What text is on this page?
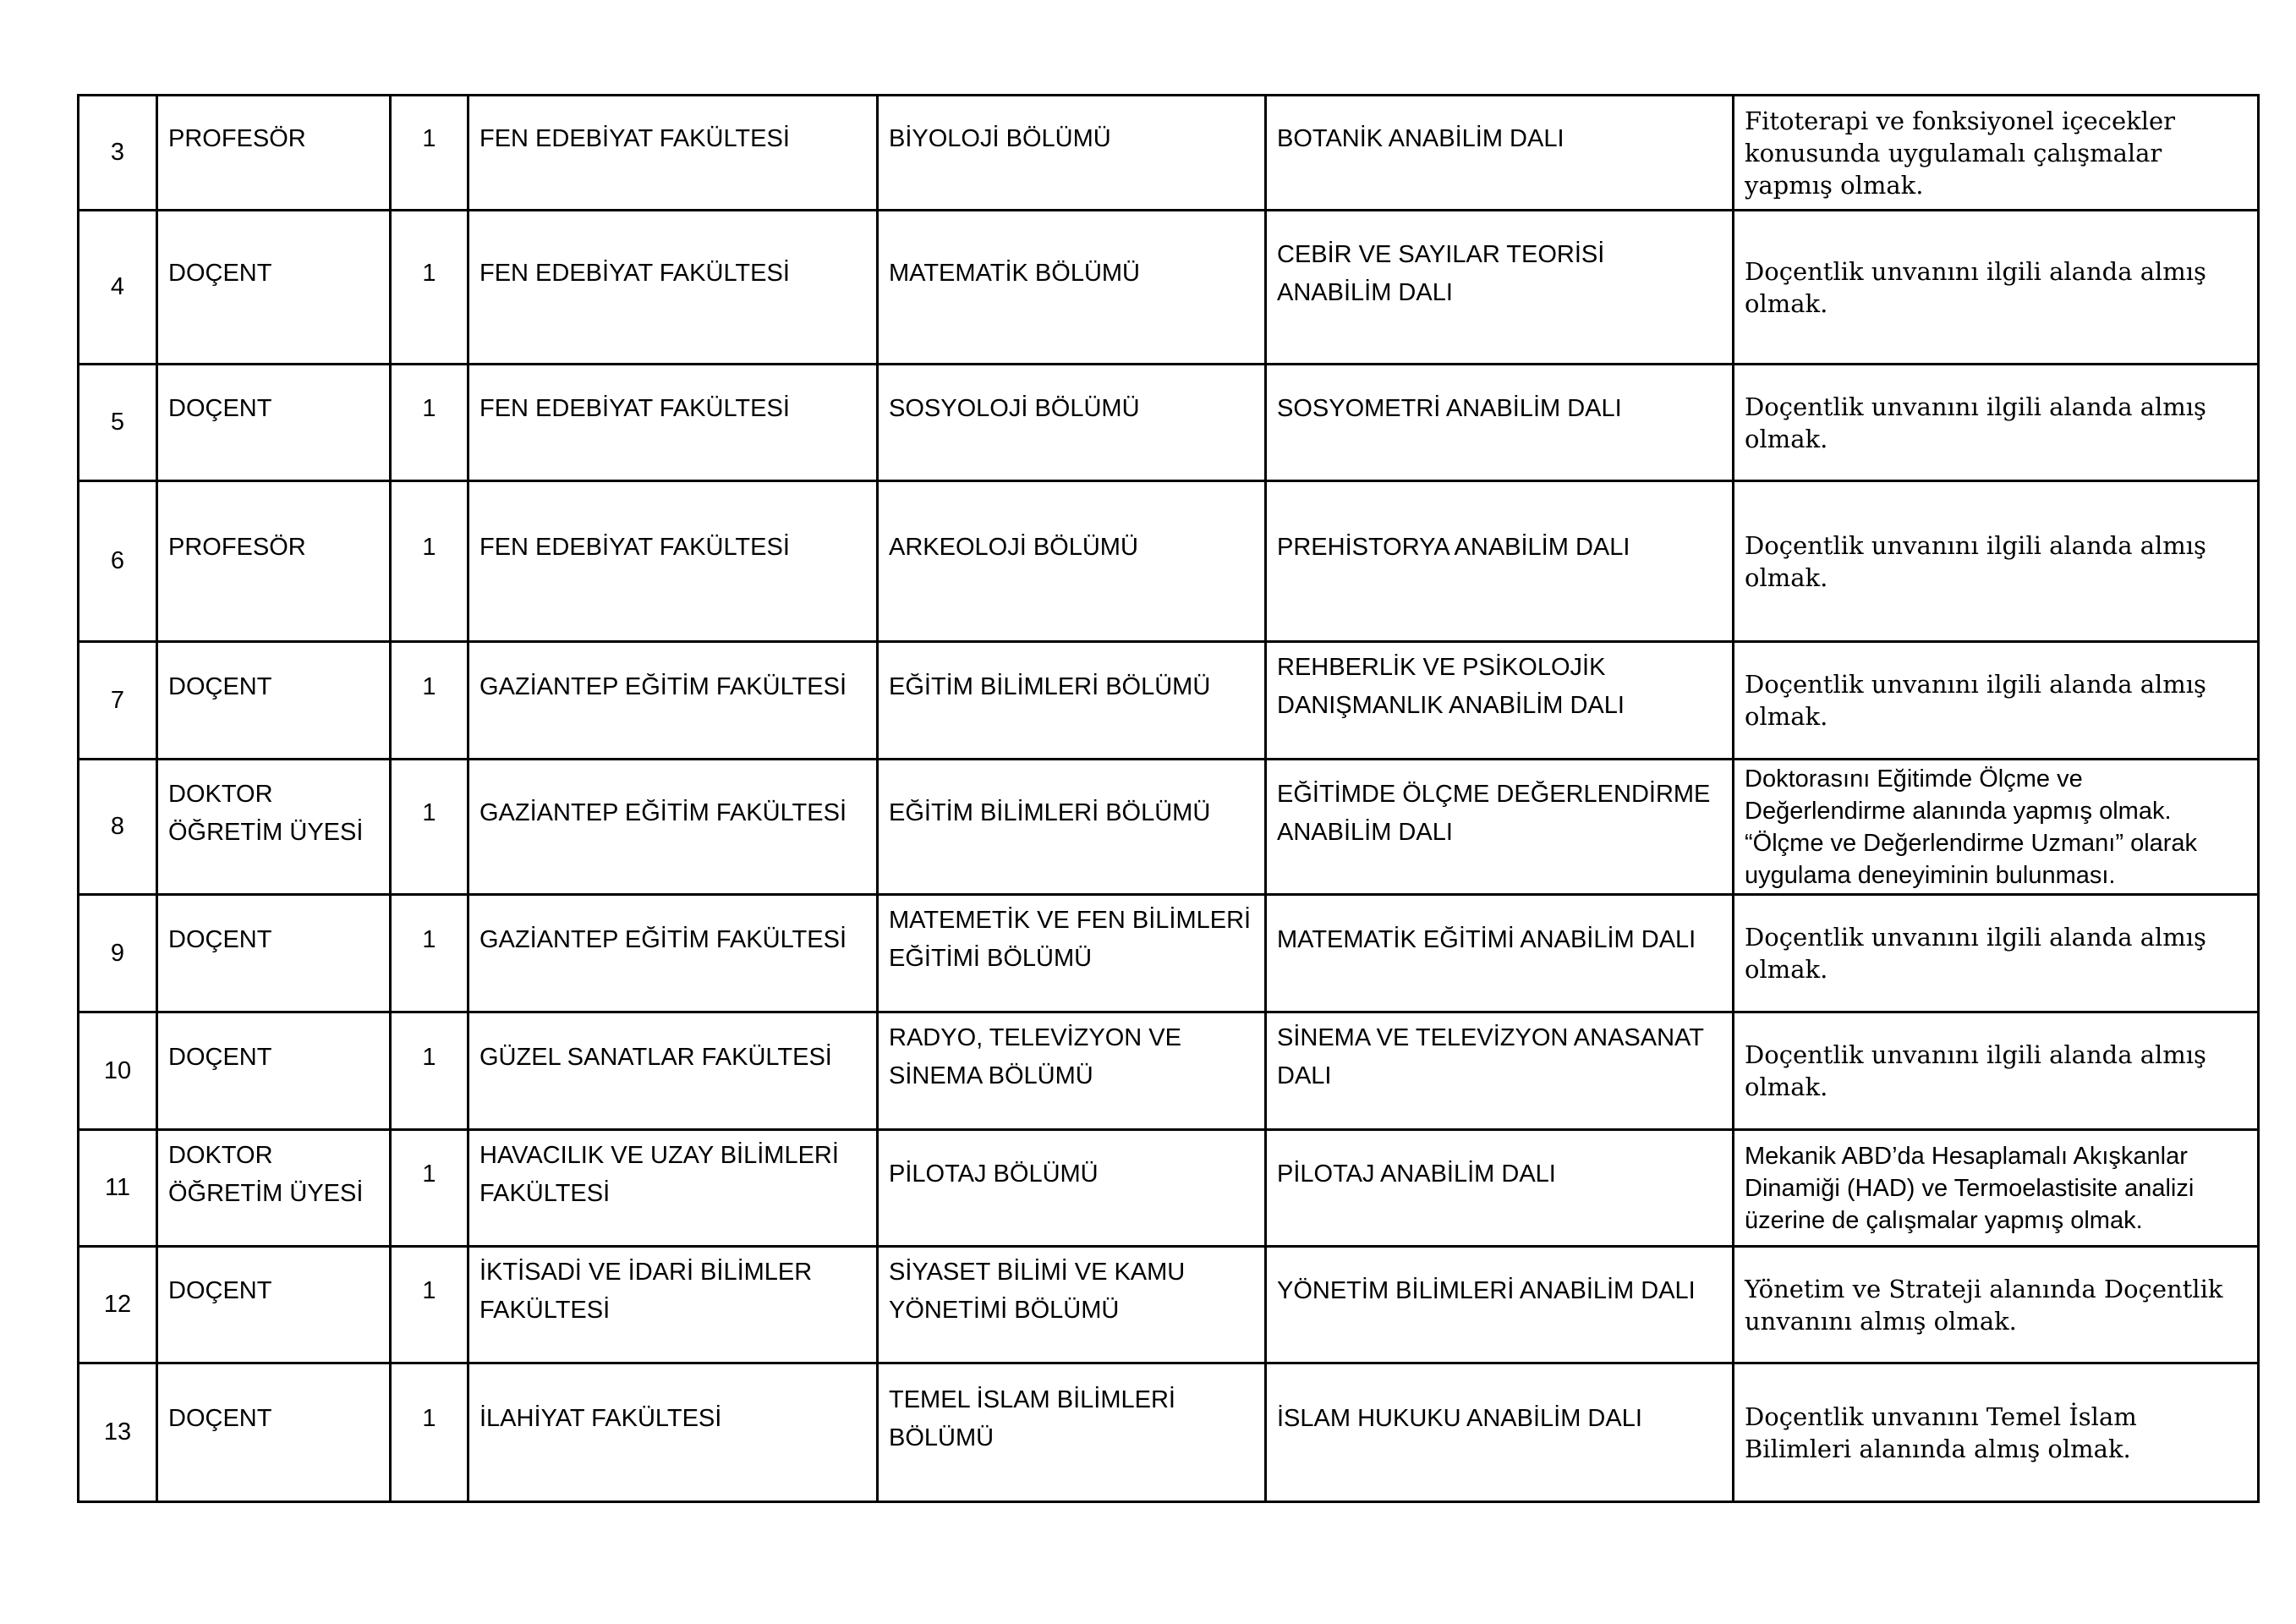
3	PROFESÖR	1	FEN EDEBİYAT FAKÜLTESİ	BİYOLOJİ BÖLÜMÜ	BOTANİK ANABİLİM DALI	Fitoterapi ve fonksiyonel içecekler konusunda uygulamalı çalışmalar yapmış olmak.

4	DOÇENT	1	FEN EDEBİYAT FAKÜLTESİ	MATEMATİK BÖLÜMÜ	CEBİR VE SAYILAR TEORİSİ ANABİLİM DALI	Doçentlik unvanını ilgili alanda almış olmak.

5	DOÇENT	1	FEN EDEBİYAT FAKÜLTESİ	SOSYOLOJİ BÖLÜMÜ	SOSYOMETRİ ANABİLİM DALI	Doçentlik unvanını ilgili alanda almış olmak.

6	PROFESÖR	1	FEN EDEBİYAT FAKÜLTESİ	ARKEOLOJİ BÖLÜMÜ	PREHİSTORYA ANABİLİM DALI	Doçentlik unvanını ilgili alanda almış olmak.

7	DOÇENT	1	GAZİANTEP EĞİTİM FAKÜLTESİ	EĞİTİM BİLİMLERİ BÖLÜMÜ	REHBERLİK VE PSİKOLOJİK DANIŞMANLIK ANABİLİM DALI	Doçentlik unvanını ilgili alanda almış olmak.

8	DOKTOR ÖĞRETİM ÜYESİ	1	GAZİANTEP EĞİTİM FAKÜLTESİ	EĞİTİM BİLİMLERİ BÖLÜMÜ	EĞİTİMDE ÖLÇME DEĞERLENDİRME ANABİLİM DALI	Doktorasını Eğitimde Ölçme ve Değerlendirme alanında yapmış olmak. “Ölçme ve Değerlendirme Uzmanı” olarak uygulama deneyiminin bulunması.

9	DOÇENT	1	GAZİANTEP EĞİTİM FAKÜLTESİ	MATEMETİK VE FEN BİLİMLERİ EĞİTİMİ BÖLÜMÜ	MATEMATİK EĞİTİMİ ANABİLİM DALI	Doçentlik unvanını ilgili alanda almış olmak.

10	DOÇENT	1	GÜZEL SANATLAR FAKÜLTESİ	RADYO, TELEVİZYON VE SİNEMA BÖLÜMÜ	SİNEMA VE TELEVİZYON ANASANAT DALI	Doçentlik unvanını ilgili alanda almış olmak.

11	DOKTOR ÖĞRETİM ÜYESİ	1	HAVACILIK VE UZAY BİLİMLERİ FAKÜLTESİ	PİLOTAJ BÖLÜMÜ	PİLOTAJ ANABİLİM DALI	Mekanik ABD’da Hesaplamalı Akışkanlar Dinamiği (HAD) ve Termoelastisite analizi üzerine de çalışmalar yapmış olmak.

12	DOÇENT	1	İKTİSADİ VE İDARİ BİLİMLER FAKÜLTESİ	SİYASET BİLİMİ VE KAMU YÖNETİMİ BÖLÜMÜ	YÖNETİM BİLİMLERİ ANABİLİM DALI	Yönetim ve Strateji alanında Doçentlik unvanını almış olmak.

13	DOÇENT	1	İLAHİYAT FAKÜLTESİ	TEMEL İSLAM BİLİMLERİ BÖLÜMÜ	İSLAM HUKUKU ANABİLİM DALI	Doçentlik unvanını Temel İslam Bilimleri alanında almış olmak.
